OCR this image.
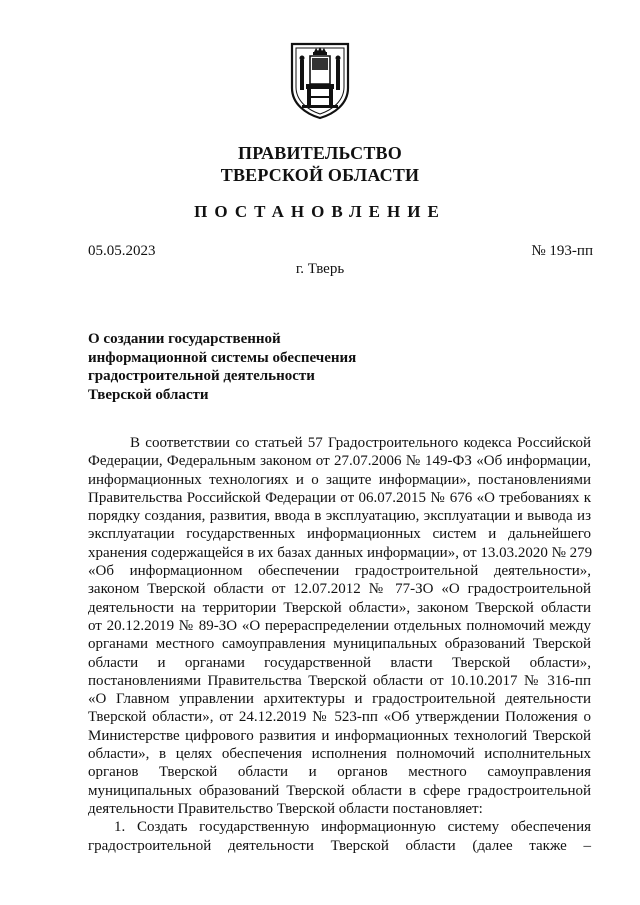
ПРАВИТЕЛЬСТВО
ТВЕРСКОЙ ОБЛАСТИ
ПОСТАНОВЛЕНИЕ
05.05.2023	№ 193-пп
г. Тверь
О создании государственной
информационной системы обеспечения
градостроительной деятельности
Тверской области
В соответствии со статьей 57 Градостроительного кодекса Российской
Федерации, Федеральным законом от 27.07.2006 № 149-ФЗ «Об информации,
информационных технологиях и о защите информации», постановлениями
Правительства Российской Федерации от 06.07.2015 № 676 «О требованиях к
порядку создания, развития, ввода в эксплуатацию, эксплуатации и вывода из
эксплуатации государственных информационных систем и дальнейшего
хранения содержащейся в их базах данных информации», от 13.03.2020 № 279
«Об информационном обеспечении градостроительной деятельности»,
законом Тверской области от 12.07.2012 № 77-ЗО «О градостроительной
деятельности на территории Тверской области», законом Тверской области
от 20.12.2019 № 89-ЗО «О перераспределении отдельных полномочий между
органами местного самоуправления муниципальных образований Тверской
области и органами государственной власти Тверской области»,
постановлениями Правительства Тверской области от 10.10.2017 № 316-пп
«О Главном управлении архитектуры и градостроительной деятельности
Тверской области», от 24.12.2019 № 523-пп «Об утверждении Положения о
Министерстве цифрового развития и информационных технологий Тверской
области», в целях обеспечения исполнения полномочий исполнительных
органов Тверской области и органов местного самоуправления
муниципальных образований Тверской области в сфере градостроительной
деятельности Правительство Тверской области постановляет:
1. Создать государственную информационную систему обеспечения
градостроительной деятельности Тверской области (далее также –
